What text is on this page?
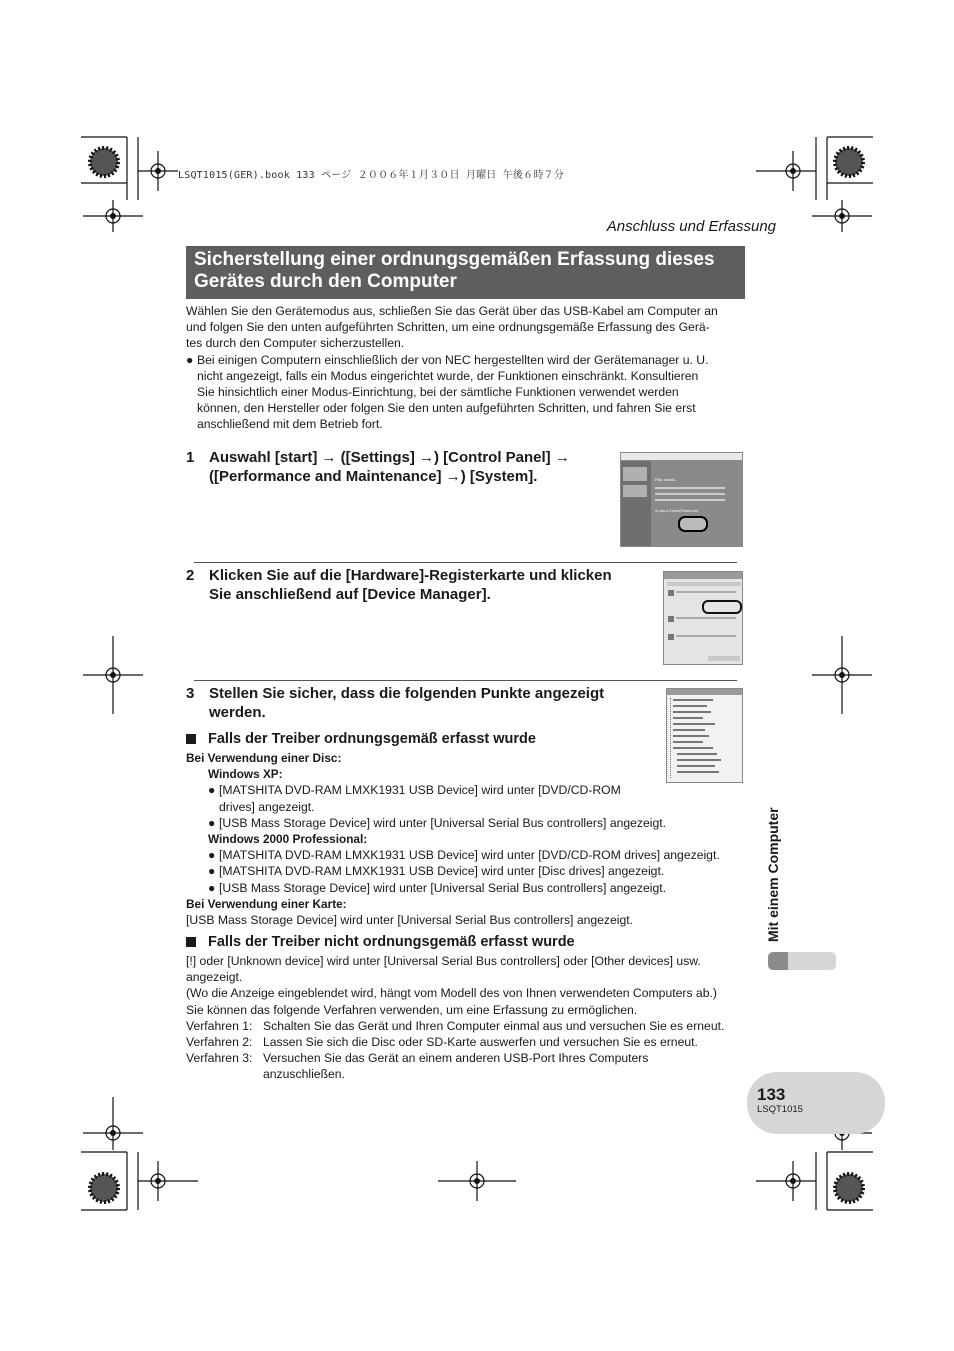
LSQT1015(GER).book 133 ページ ２００６年１月３０日 月曜日 午後６時７分
Anschluss und Erfassung
Sicherstellung einer ordnungsgemäßen Erfassung dieses
Gerätes durch den Computer
Wählen Sie den Gerätemodus aus, schließen Sie das Gerät über das USB-Kabel am Computer an
und folgen Sie den unten aufgeführten Schritten, um eine ordnungsgemäße Erfassung des Gerä-
tes durch den Computer sicherzustellen.
● Bei einigen Computern einschließlich der von NEC hergestellten wird der Gerätemanager u. U.
nicht angezeigt, falls ein Modus eingerichtet wurde, der Funktionen einschränkt. Konsultieren
Sie hinsichtlich einer Modus-Einrichtung, bei der sämtliche Funktionen verwendet werden
können, den Hersteller oder folgen Sie den unten aufgeführten Schritten, und fahren Sie erst
anschließend mit dem Betrieb fort.
1 Auswahl [start] → ([Settings] →) [Control Panel] →
([Performance and Maintenance] →) [System].	Pick a task...
or pick a Control Panel icon
2 Klicken Sie auf die [Hardware]-Registerkarte und klicken
Sie anschließend auf [Device Manager].
3 Stellen Sie sicher, dass die folgenden Punkte angezeigt
werden.
Falls der Treiber ordnungsgemäß erfasst wurde
Bei Verwendung einer Disc:
Windows XP:
● [MATSHITA DVD-RAM LMXK1931 USB Device] wird unter [DVD/CD-ROM
drives] angezeigt.
● [USB Mass Storage Device] wird unter [Universal Serial Bus controllers] angezeigt.
Windows 2000 Professional:
● [MATSHITA DVD-RAM LMXK1931 USB Device] wird unter [DVD/CD-ROM drives] angezeigt.
● [MATSHITA DVD-RAM LMXK1931 USB Device] wird unter [Disc drives] angezeigt.
● [USB Mass Storage Device] wird unter [Universal Serial Bus controllers] angezeigt.
Bei Verwendung einer Karte:
[USB Mass Storage Device] wird unter [Universal Serial Bus controllers] angezeigt.
Falls der Treiber nicht ordnungsgemäß erfasst wurde
[!] oder [Unknown device] wird unter [Universal Serial Bus controllers] oder [Other devices] usw.
angezeigt.
(Wo die Anzeige eingeblendet wird, hängt vom Modell des von Ihnen verwendeten Computers ab.)
Sie können das folgende Verfahren verwenden, um eine Erfassung zu ermöglichen.
Verfahren 1: Schalten Sie das Gerät und Ihren Computer einmal aus und versuchen Sie es erneut.
Verfahren 2: Lassen Sie sich die Disc oder SD-Karte auswerfen und versuchen Sie es erneut.
Verfahren 3: Versuchen Sie das Gerät an einem anderen USB-Port Ihres Computers
anzuschließen.
Mit einem Computer
133
LSQT1015
